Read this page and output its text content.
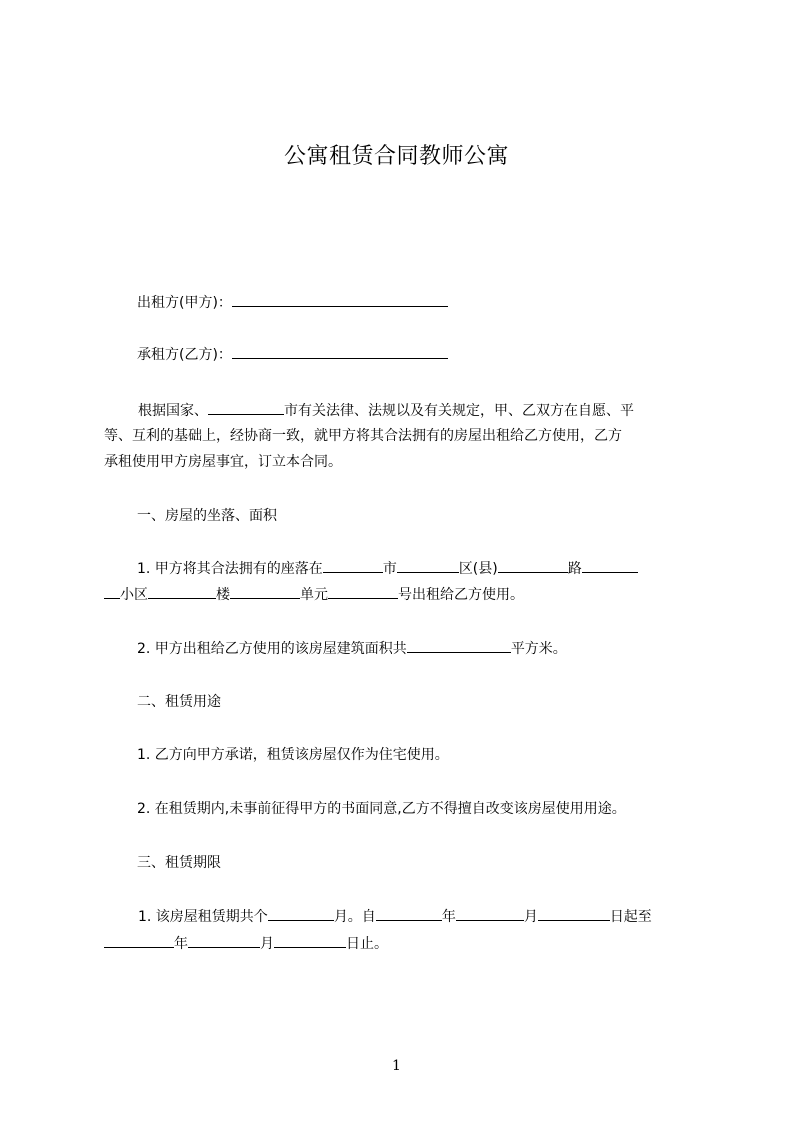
公寓租赁合同教师公寓
出租方(甲方)：
承租方(乙方)：
根据国家、	市有关法律、法规以及有关规定，甲、乙双方在自愿、平
等、互利的基础上，经协商一致，就甲方将其合法拥有的房屋出租给乙方使用，乙方
承租使用甲方房屋事宜，订立本合同。
一、房屋的坐落、面积
1. 甲方将其合法拥有的座落在	市	区(县)	路
小区	楼	单元	号出租给乙方使用。
2. 甲方出租给乙方使用的该房屋建筑面积共	平方米。
二、租赁用途
1. 乙方向甲方承诺，租赁该房屋仅作为住宅使用。
2. 在租赁期内,未事前征得甲方的书面同意,乙方不得擅自改变该房屋使用用途。
三、租赁期限
1. 该房屋租赁期共个	月。自	年	月	日起至
年	月	日止。
1
